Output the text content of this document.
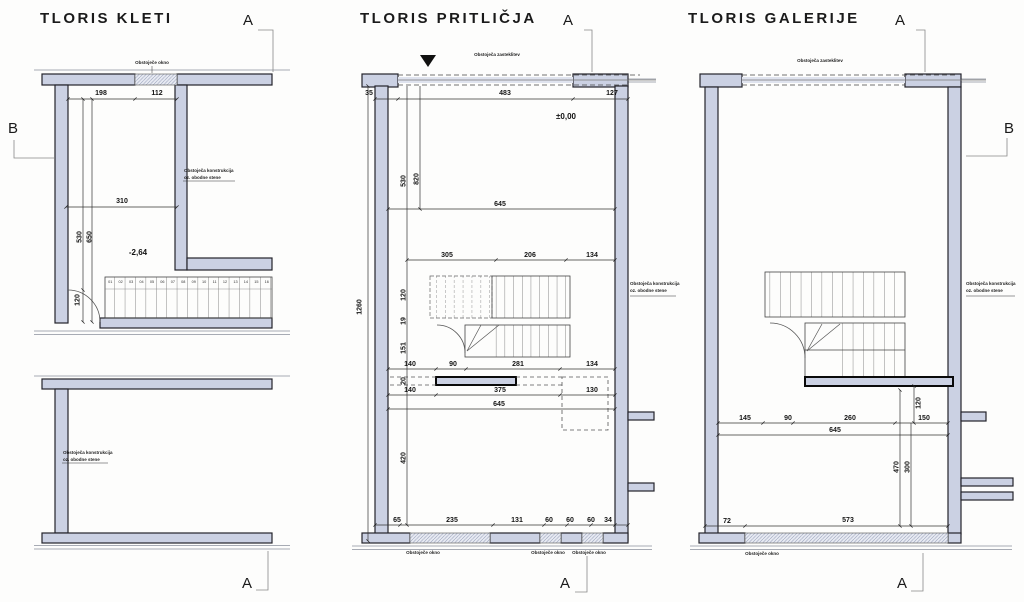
TLORIS KLETI	TLORIS PRITLIČJA	TLORIS GALERIJE
A
A
B
A
A
A
A
B
Obstoječe okno
198	112
310
530 650
120
-2,64
Obstoječa konstrukcija
oz. obodne stene
Obstoječa konstrukcija
oz. obodne stene
01	02	03	04	05	06	07	08	09	10	11	12	13	14	15	16
Obstoječa zasteklitev
35	483	127
±0,00
1260
530 820
645
305	206	134
120
19
151
140	90	281	134
20
140	375	130
645
420
65	235	131	60 60 60 34
Obstoječe okno	Obstoječe okno Obstoječe okno
Obstoječa konstrukcija
oz. obodne stene
Obstoječa zasteklitev
145	90	260	150
645
120
470 300
72	573
Obstoječe okno
Obstoječa konstrukcija
oz. obodne stene
